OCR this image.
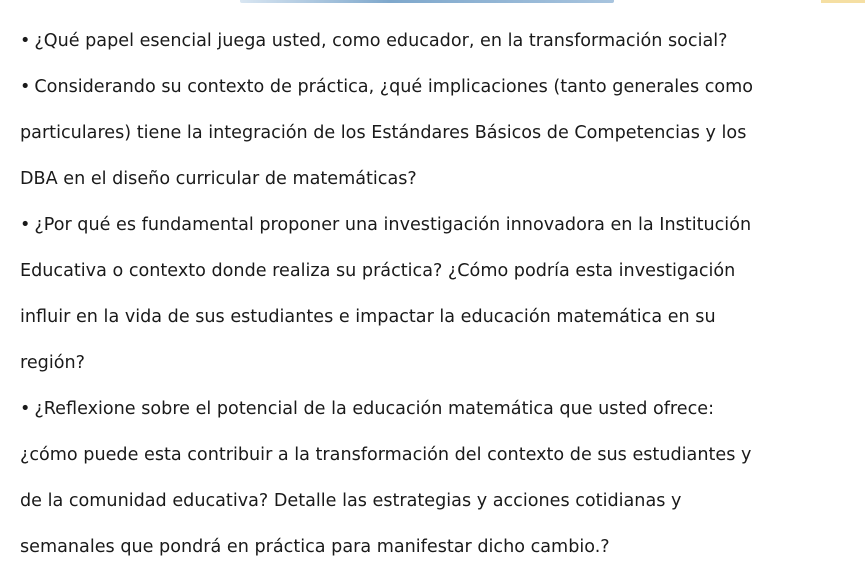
• ¿Qué papel esencial juega usted, como educador, en la transformación social?
• Considerando su contexto de práctica, ¿qué implicaciones (tanto generales como
particulares) tiene la integración de los Estándares Básicos de Competencias y los
DBA en el diseño curricular de matemáticas?
• ¿Por qué es fundamental proponer una investigación innovadora en la Institución
Educativa o contexto donde realiza su práctica? ¿Cómo podría esta investigación
influir en la vida de sus estudiantes e impactar la educación matemática en su
región?
• ¿Reflexione sobre el potencial de la educación matemática que usted ofrece:
¿cómo puede esta contribuir a la transformación del contexto de sus estudiantes y
de la comunidad educativa? Detalle las estrategias y acciones cotidianas y
semanales que pondrá en práctica para manifestar dicho cambio.?
